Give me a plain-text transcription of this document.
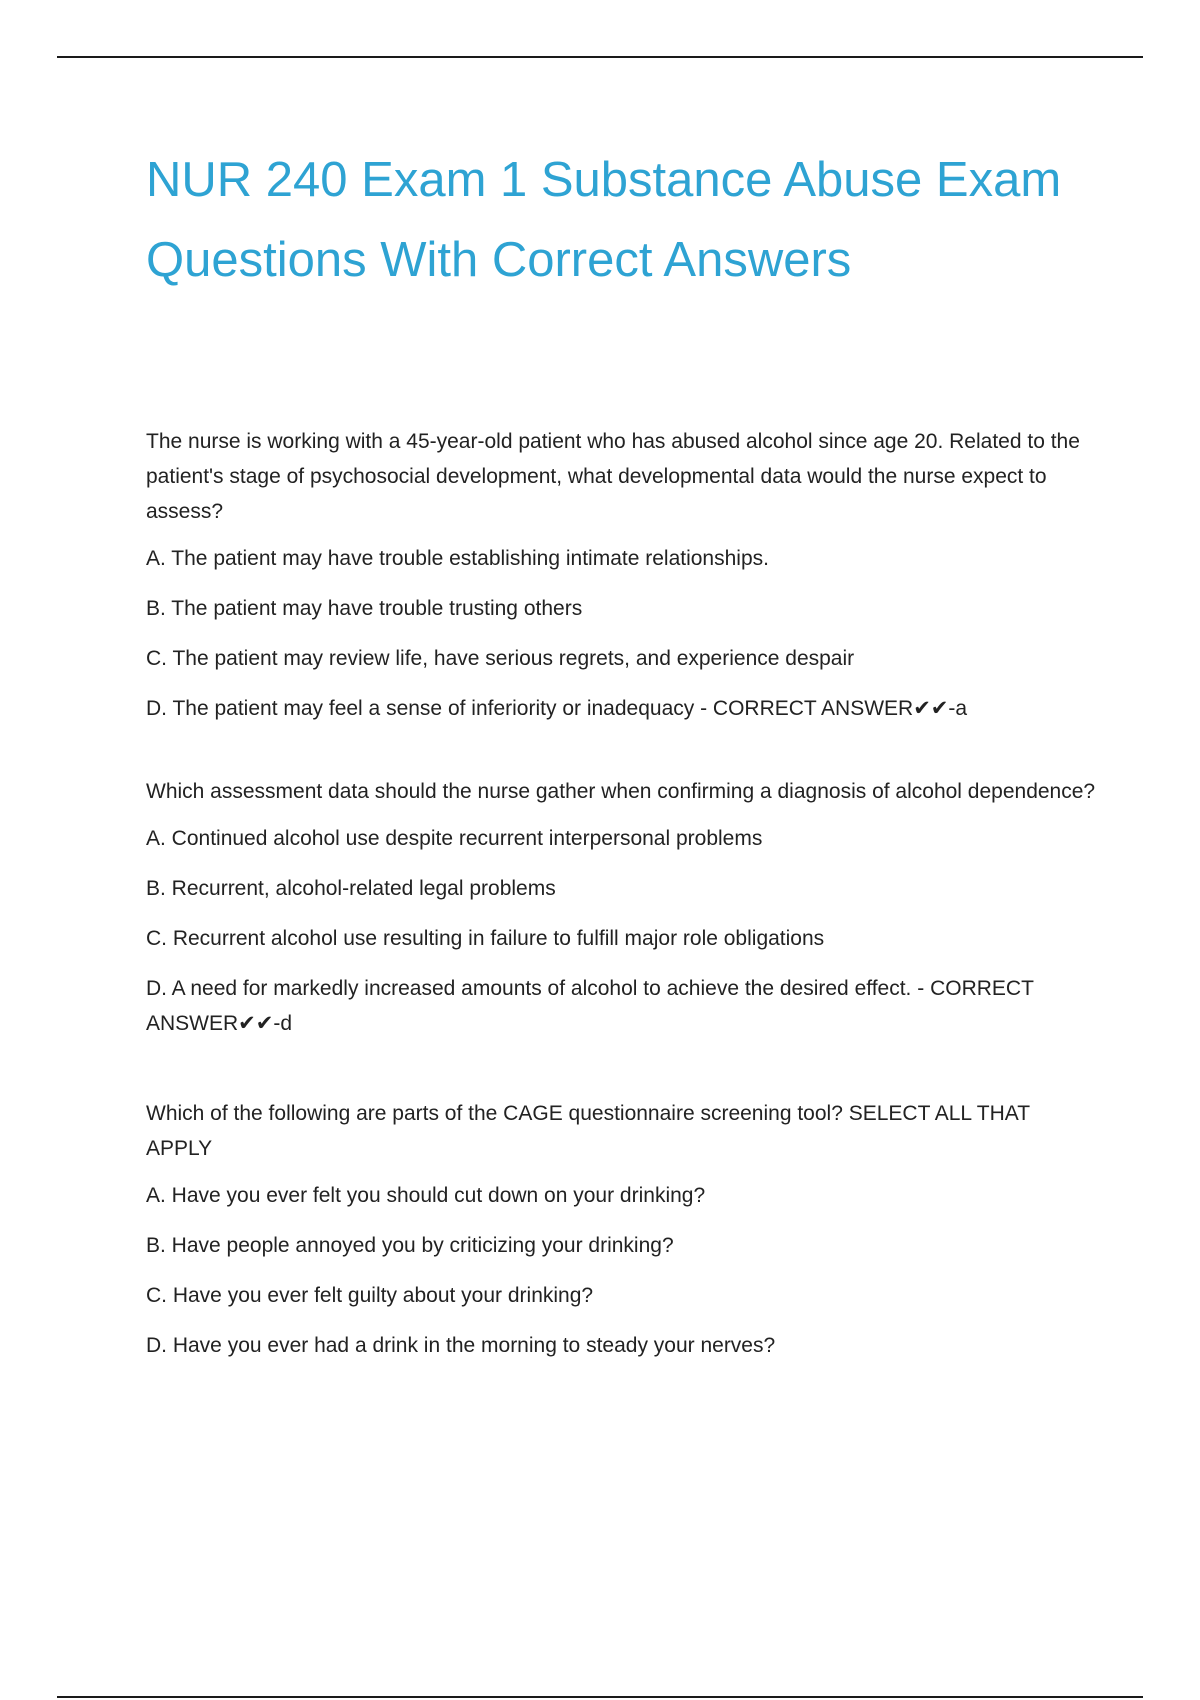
NUR 240 Exam 1 Substance Abuse Exam Questions With Correct Answers

The nurse is working with a 45-year-old patient who has abused alcohol since age 20. Related to the patient's stage of psychosocial development, what developmental data would the nurse expect to assess?

A. The patient may have trouble establishing intimate relationships.
B. The patient may have trouble trusting others
C. The patient may review life, have serious regrets, and experience despair
D. The patient may feel a sense of inferiority or inadequacy - CORRECT ANSWER✔✔-a

Which assessment data should the nurse gather when confirming a diagnosis of alcohol dependence?

A. Continued alcohol use despite recurrent interpersonal problems
B. Recurrent, alcohol-related legal problems
C. Recurrent alcohol use resulting in failure to fulfill major role obligations
D. A need for markedly increased amounts of alcohol to achieve the desired effect. - CORRECT ANSWER✔✔-d

Which of the following are parts of the CAGE questionnaire screening tool? SELECT ALL THAT APPLY

A. Have you ever felt you should cut down on your drinking?
B. Have people annoyed you by criticizing your drinking?
C. Have you ever felt guilty about your drinking?
D. Have you ever had a drink in the morning to steady your nerves?
